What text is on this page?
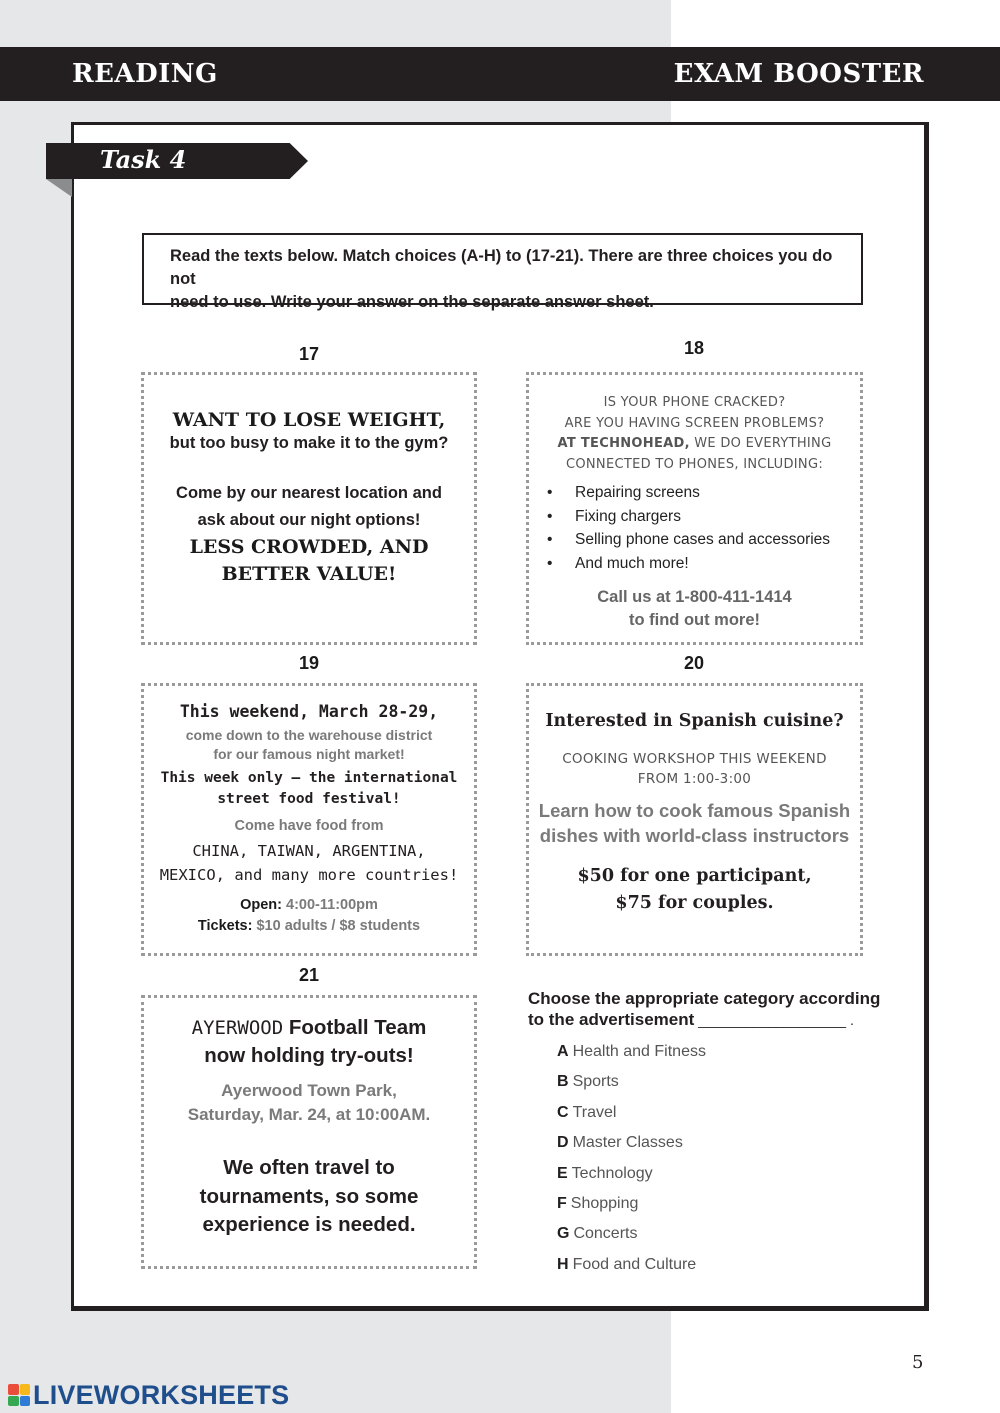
READING	EXAM BOOSTER
Task 4
Read the texts below. Match choices (A-H) to (17-21). There are three choices you do not
need to use. Write your answer on the separate answer sheet.
17	18
19	20
21
WANT TO LOSE WEIGHT,
but too busy to make it to the gym?
Come by our nearest location and
ask about our night options!
LESS CROWDED, AND
BETTER VALUE!
IS YOUR PHONE CRACKED?
ARE YOU HAVING SCREEN PROBLEMS?
AT TECHNOHEAD, WE DO EVERYTHING
CONNECTED TO PHONES, INCLUDING:
• Repairing screens
• Fixing chargers
• Selling phone cases and accessories
• And much more!
Call us at 1-800-411-1414
to find out more!
This weekend, March 28-29,
come down to the warehouse district
for our famous night market!
This week only – the international
street food festival!
Come have food from
CHINA, TAIWAN, ARGENTINA,
MEXICO, and many more countries!
Open: 4:00-11:00pm
Tickets: $10 adults / $8 students
Interested in Spanish cuisine?
COOKING WORKSHOP THIS WEEKEND
FROM 1:00-3:00
Learn how to cook famous Spanish
dishes with world-class instructors
$50 for one participant,
$75 for couples.
AYERWOOD Football Team
now holding try-outs!
Ayerwood Town Park,
Saturday, Mar. 24, at 10:00AM.
We often travel to
tournaments, so some
experience is needed.
Choose the appropriate category according
to the advertisement ___________________ .
A Health and Fitness
B Sports
C Travel
D Master Classes
E Technology
F Shopping
G Concerts
H Food and Culture
5
LIVEWORKSHEETS
